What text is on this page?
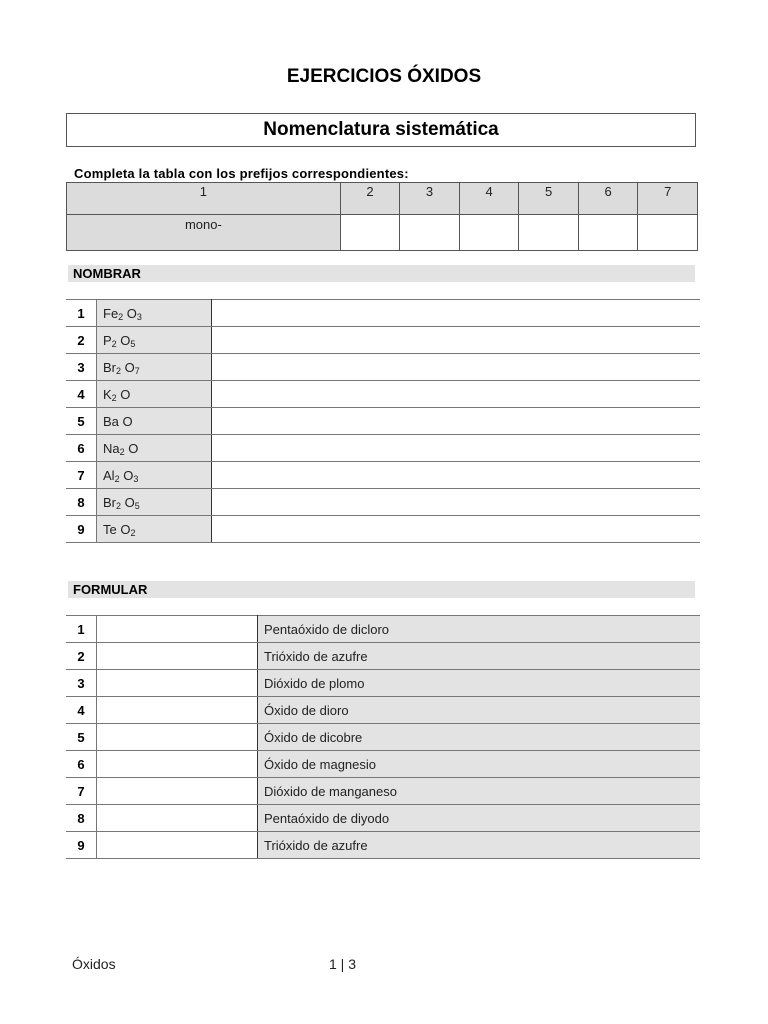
EJERCICIOS ÓXIDOS
Nomenclatura sistemática
Completa la tabla con los prefijos correspondientes:
1	2	3	4	5	6	7
mono-						
NOMBRAR
1	$Fe_2$ $O_3$	
2	$P_2$ $O_5$	
3	$Br_2$ $O_7$	
4	$K_2$ O	
5	Ba O	
6	$Na_2$ O	
7	$Al_2$ $O_3$	
8	$Br_2$ $O_5$	
9	Te $O_2$	
FORMULAR
1		Pentaóxido de dicloro
2		Trióxido de azufre
3		Dióxido de plomo
4		Óxido de dioro
5		Óxido de dicobre
6		Óxido de magnesio
7		Dióxido de manganeso
8		Pentaóxido de diyodo
9		Trióxido de azufre
Óxidos	1 | 3
